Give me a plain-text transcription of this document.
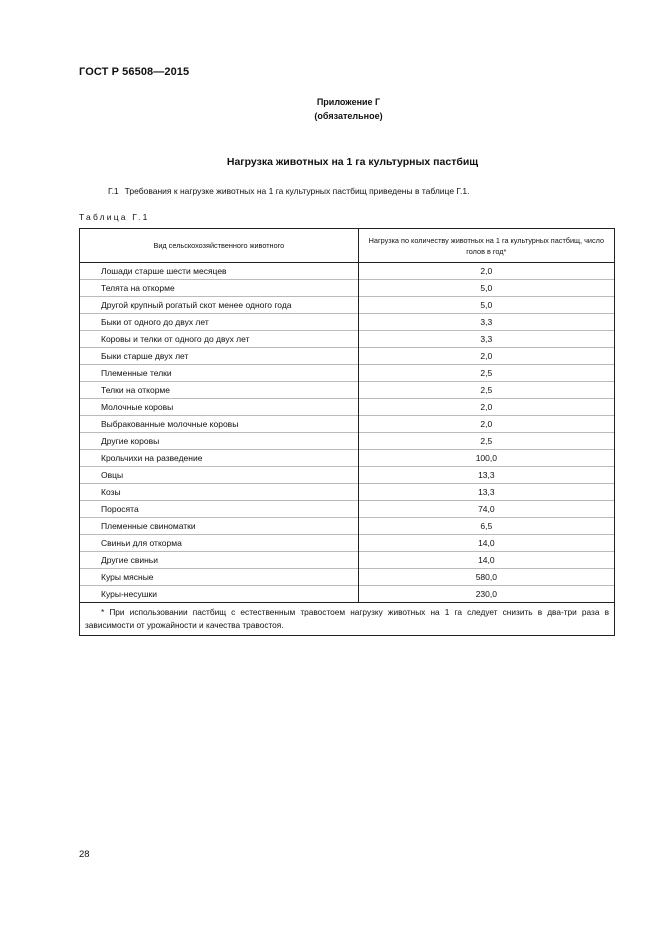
ГОСТ Р 56508—2015
Приложение Г
(обязательное)
Нагрузка животных на 1 га культурных пастбищ
Г.1 Требования к нагрузке животных на 1 га культурных пастбищ приведены в таблице Г.1.
Таблица Г.1
Вид сельскохозяйственного животного	Нагрузка по количеству животных на 1 га культурных пастбищ, число голов в год*
Лошади старше шести месяцев	2,0
Телята на откорме	5,0
Другой крупный рогатый скот менее одного года	5,0
Быки от одного до двух лет	3,3
Коровы и телки от одного до двух лет	3,3
Быки старше двух лет	2,0
Племенные телки	2,5
Телки на откорме	2,5
Молочные коровы	2,0
Выбракованные молочные коровы	2,0
Другие коровы	2,5
Крольчихи на разведение	100,0
Овцы	13,3
Козы	13,3
Поросята	74,0
Племенные свиноматки	6,5
Свиньи для откорма	14,0
Другие свиньи	14,0
Куры мясные	580,0
Куры-несушки	230,0

* При использовании пастбищ с естественным травостоем нагрузку животных на 1 га следует снизить в два-три раза в зависимости от урожайности и качества травостоя.	
28
